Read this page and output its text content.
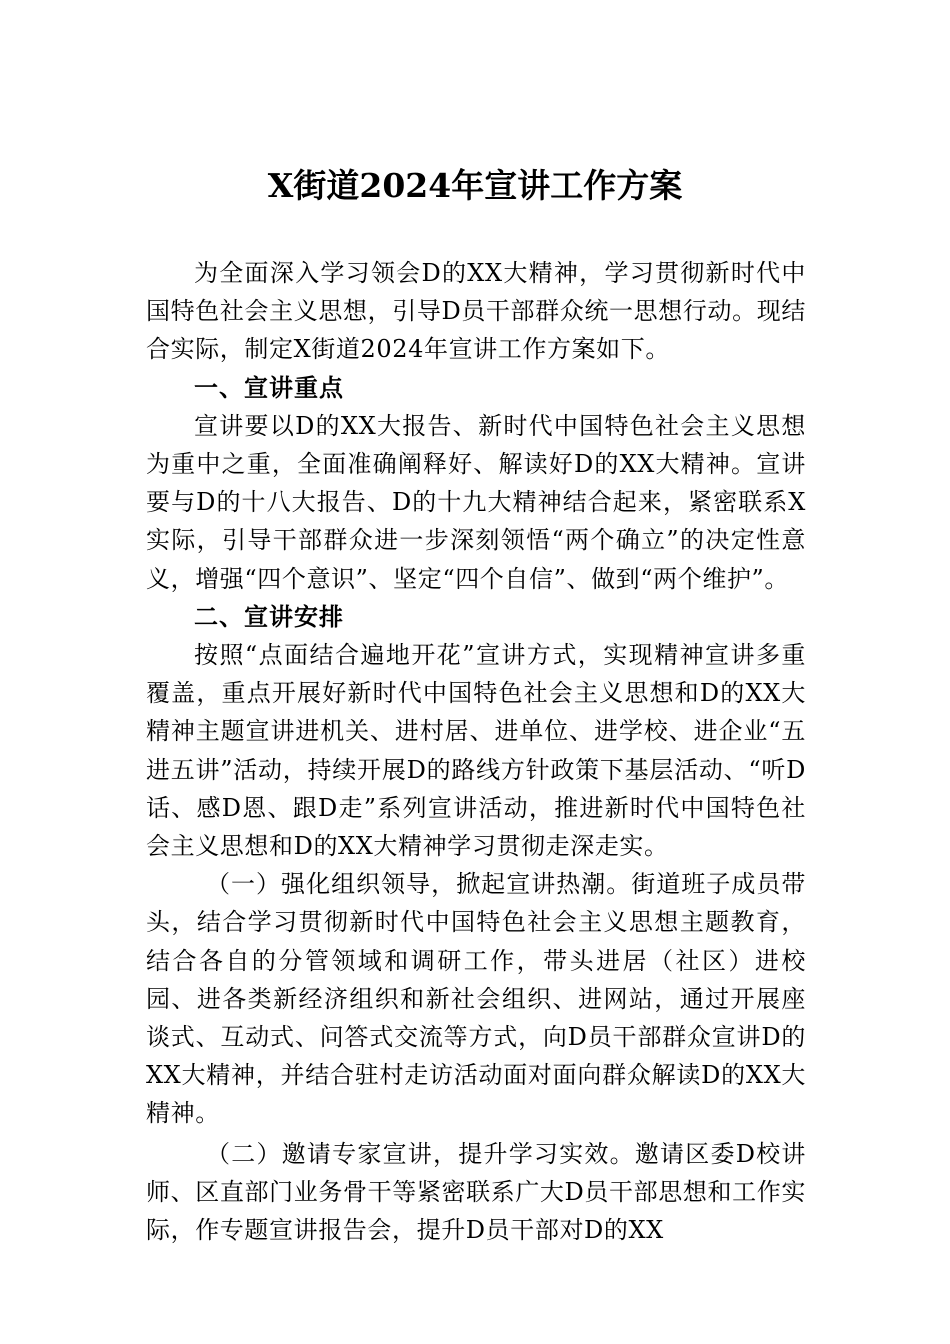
X街道2024年宣讲工作方案

为全面深入学习领会D的XX大精神，学习贯彻新时代中国特色社会主义思想，引导D员干部群众统一思想行动。现结合实际，制定X街道2024年宣讲工作方案如下。

一、宣讲重点

宣讲要以D的XX大报告、新时代中国特色社会主义思想为重中之重，全面准确阐释好、解读好D的XX大精神。宣讲要与D的十八大报告、D的十九大精神结合起来，紧密联系X实际，引导干部群众进一步深刻领悟“两个确立”的决定性意义，增强“四个意识”、坚定“四个自信”、做到“两个维护”。

二、宣讲安排

按照“点面结合遍地开花”宣讲方式，实现精神宣讲多重覆盖，重点开展好新时代中国特色社会主义思想和D的XX大精神主题宣讲进机关、进村居、进单位、进学校、进企业“五进五讲”活动，持续开展D的路线方针政策下基层活动、“听D话、感D恩、跟D走”系列宣讲活动，推进新时代中国特色社会主义思想和D的XX大精神学习贯彻走深走实。

（一）强化组织领导，掀起宣讲热潮。街道班子成员带头，结合学习贯彻新时代中国特色社会主义思想主题教育，结合各自的分管领域和调研工作，带头进居（社区）进校园、进各类新经济组织和新社会组织、进网站，通过开展座谈式、互动式、问答式交流等方式，向D员干部群众宣讲D的XX大精神，并结合驻村走访活动面对面向群众解读D的XX大精神。

（二）邀请专家宣讲，提升学习实效。邀请区委D校讲师、区直部门业务骨干等紧密联系广大D员干部思想和工作实际，作专题宣讲报告会，提升D员干部对D的XX
